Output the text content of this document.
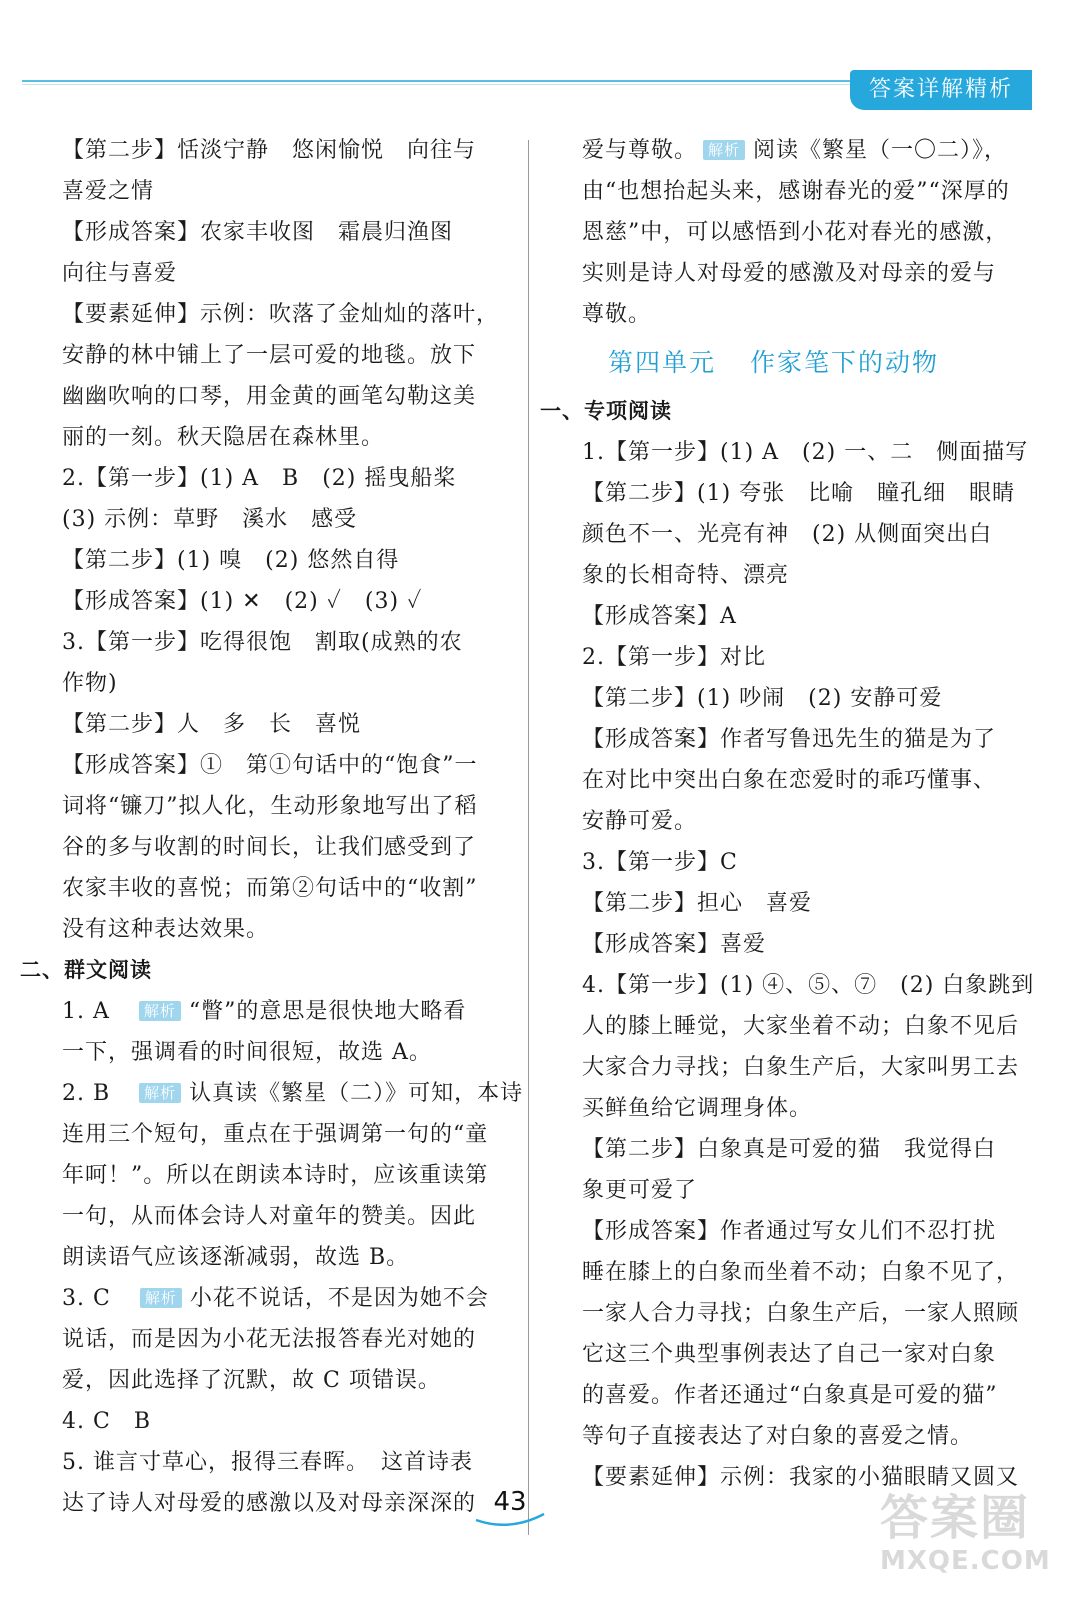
答案详解精析
【第二步】恬淡宁静　悠闲愉悦　向往与
喜爱之情
【形成答案】农家丰收图　霜晨归渔图
向往与喜爱
【要素延伸】示例：吹落了金灿灿的落叶，
安静的林中铺上了一层可爱的地毯。放下
幽幽吹响的口琴，用金黄的画笔勾勒这美
丽的一刻。秋天隐居在森林里。
2.【第一步】(1) A　B　(2) 摇曳船桨
(3) 示例：草野　溪水　感受
【第二步】(1) 嗅　(2) 悠然自得
【形成答案】(1) ✕　(2) ✓　(3) ✓
3.【第一步】吃得很饱　割取(成熟的农
作物)
【第二步】人　多　长　喜悦
【形成答案】①　第①句话中的“饱食”一
词将“镰刀”拟人化，生动形象地写出了稻
谷的多与收割的时间长，让我们感受到了
农家丰收的喜悦；而第②句话中的“收割”
没有这种表达效果。
二、群文阅读
1. A　解析 “瞥”的意思是很快地大略看
一下，强调看的时间很短，故选 A。
2. B　解析 认真读《繁星（二）》可知，本诗
连用三个短句，重点在于强调第一句的“童
年呵！”。所以在朗读本诗时，应该重读第
一句，从而体会诗人对童年的赞美。因此
朗读语气应该逐渐减弱，故选 B。
3. C　解析 小花不说话，不是因为她不会
说话，而是因为小花无法报答春光对她的
爱，因此选择了沉默，故 C 项错误。
4. C　B
5. 谁言寸草心，报得三春晖。　这首诗表
达了诗人对母爱的感激以及对母亲深深的
爱与尊敬。 解析 阅读《繁星（一〇二）》，
由“也想抬起头来，感谢春光的爱”“深厚的
恩慈”中，可以感悟到小花对春光的感激，
实则是诗人对母爱的感激及对母亲的爱与
尊敬。
第四单元 作家笔下的动物
一、专项阅读
1.【第一步】(1) A　(2) 一、二　侧面描写
【第二步】(1) 夸张　比喻　瞳孔细　眼睛
颜色不一、光亮有神　(2) 从侧面突出白
象的长相奇特、漂亮
【形成答案】A
2.【第一步】对比
【第二步】(1) 吵闹　(2) 安静可爱
【形成答案】作者写鲁迅先生的猫是为了
在对比中突出白象在恋爱时的乖巧懂事、
安静可爱。
3.【第一步】C
【第二步】担心　喜爱
【形成答案】喜爱
4.【第一步】(1) ④、⑤、⑦　(2) 白象跳到
人的膝上睡觉，大家坐着不动；白象不见后
大家合力寻找；白象生产后，大家叫男工去
买鲜鱼给它调理身体。
【第二步】白象真是可爱的猫　我觉得白
象更可爱了
【形成答案】作者通过写女儿们不忍打扰
睡在膝上的白象而坐着不动；白象不见了，
一家人合力寻找；白象生产后，一家人照顾
它这三个典型事例表达了自己一家对白象
的喜爱。作者还通过“白象真是可爱的猫”
等句子直接表达了对白象的喜爱之情。
【要素延伸】示例：我家的小猫眼睛又圆又
43	答案圈
MXQE.COM
